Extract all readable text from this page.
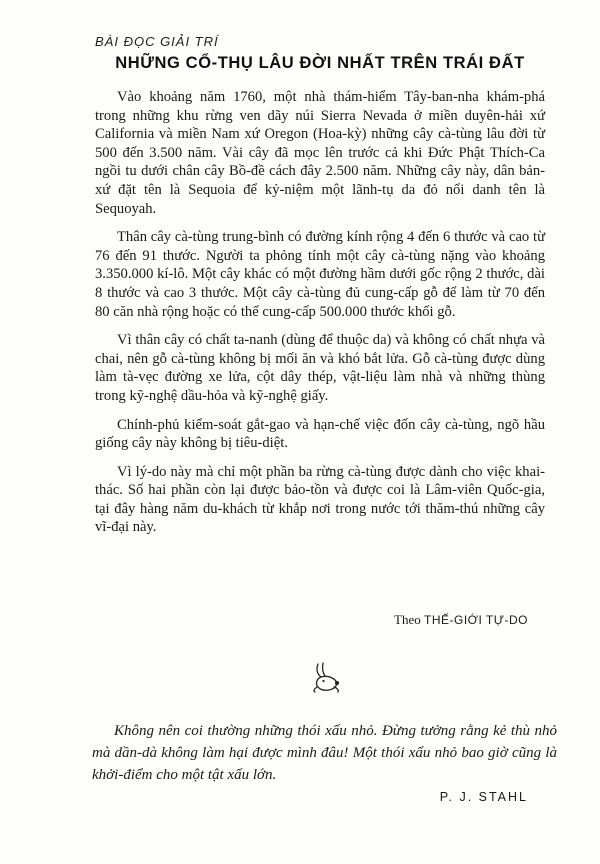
BÀI ĐỌC GIẢI TRÍ
NHỮNG CỔ-THỤ LÂU ĐỜI NHẤT TRÊN TRÁI ĐẤT

Vào khoảng năm 1760, một nhà thám-hiểm Tây-ban-nha khám-phá trong những khu rừng ven dãy núi Sierra Nevada ở miền duyên-hải xứ California và miền Nam xứ Oregon (Hoa-kỳ) những cây cà-tùng lâu đời từ 500 đến 3.500 năm. Vài cây đã mọc lên trước cả khi Đức Phật Thích-Ca ngồi tu dưới chân cây Bồ-đề cách đây 2.500 năm. Những cây này, dân bản-xứ đặt tên là Sequoia để kỷ-niệm một lãnh-tụ da đỏ nổi danh tên là Sequoyah.

Thân cây cà-tùng trung-bình có đường kính rộng 4 đến 6 thước và cao từ 76 đến 91 thước. Người ta phỏng tính một cây cà-tùng nặng vào khoảng 3.350.000 kí-lô. Một cây khác có một đường hầm dưới gốc rộng 2 thước, dài 8 thước và cao 3 thước. Một cây cà-tùng đủ cung-cấp gỗ để làm từ 70 đến 80 căn nhà rộng hoặc có thể cung-cấp 500.000 thước khối gỗ.

Vì thân cây có chất ta-nanh (dùng để thuộc da) và không có chất nhựa và chai, nên gỗ cà-tùng không bị mối ăn và khó bắt lửa. Gỗ cà-tùng được dùng làm tà-vẹc đường xe lửa, cột dây thép, vật-liệu làm nhà và những thùng trong kỹ-nghệ dầu-hỏa và kỹ-nghệ giấy.

Chính-phủ kiểm-soát gắt-gao và hạn-chế việc đốn cây cà-tùng, ngõ hầu giống cây này không bị tiêu-diệt.

Vì lý-do này mà chỉ một phần ba rừng cà-tùng được dành cho việc khai-thác. Số hai phần còn lại được bảo-tồn và được coi là Lâm-viên Quốc-gia, tại đây hàng năm du-khách từ khắp nơi trong nước tới thăm-thú những cây vĩ-đại này.

Theo THẾ-GIỚI TỰ-DO

Không nên coi thường những thói xấu nhỏ. Đừng tưởng rằng kẻ thù nhỏ mà dần-dà không làm hại được mình đâu! Một thói xấu nhỏ bao giờ cũng là khởi-điểm cho một tật xấu lớn.

P. J. STAHL
